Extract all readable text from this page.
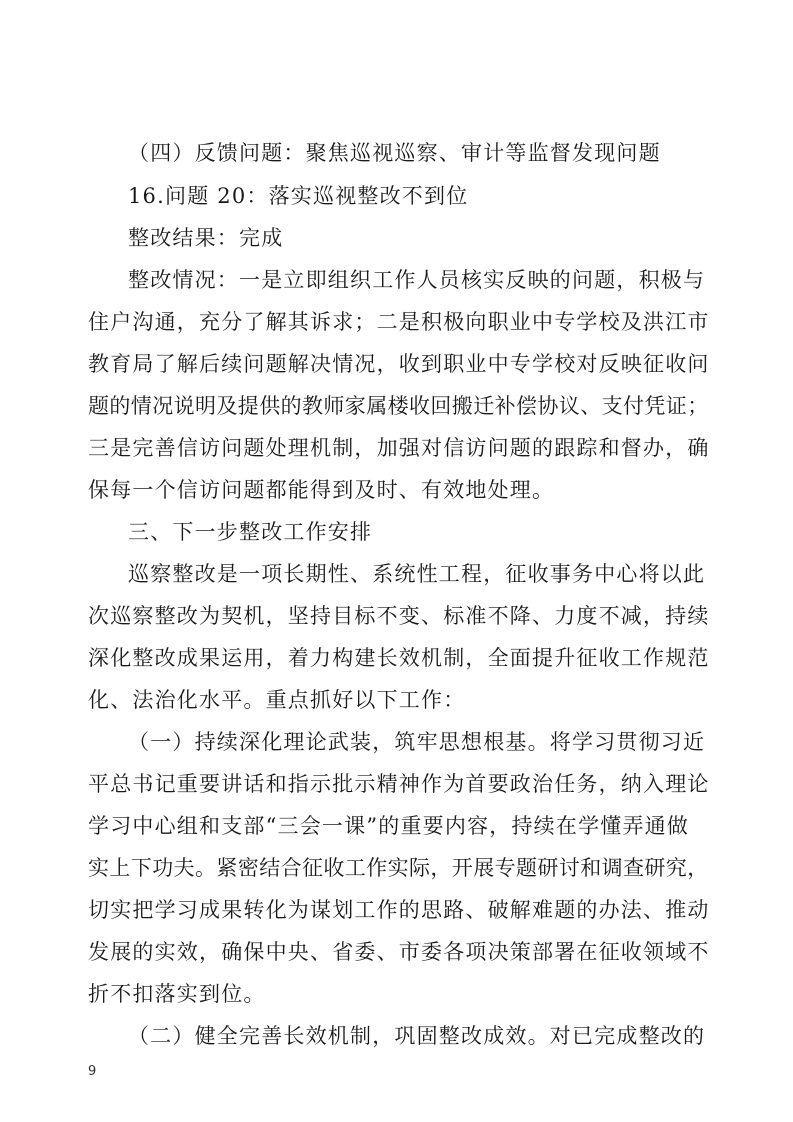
（四）反馈问题：聚焦巡视巡察、审计等监督发现问题
16.问题 20：落实巡视整改不到位
整改结果：完成
整改情况：一是立即组织工作人员核实反映的问题，积极与
住户沟通，充分了解其诉求；二是积极向职业中专学校及洪江市
教育局了解后续问题解决情况，收到职业中专学校对反映征收问
题的情况说明及提供的教师家属楼收回搬迁补偿协议、支付凭证；
三是完善信访问题处理机制，加强对信访问题的跟踪和督办，确
保每一个信访问题都能得到及时、有效地处理。
三、下一步整改工作安排
巡察整改是一项长期性、系统性工程，征收事务中心将以此
次巡察整改为契机，坚持目标不变、标准不降、力度不减，持续
深化整改成果运用，着力构建长效机制，全面提升征收工作规范
化、法治化水平。重点抓好以下工作：
（一）持续深化理论武装，筑牢思想根基。将学习贯彻习近
平总书记重要讲话和指示批示精神作为首要政治任务，纳入理论
学习中心组和支部“三会一课”的重要内容，持续在学懂弄通做
实上下功夫。紧密结合征收工作实际，开展专题研讨和调查研究，
切实把学习成果转化为谋划工作的思路、破解难题的办法、推动
发展的实效，确保中央、省委、市委各项决策部署在征收领域不
折不扣落实到位。
（二）健全完善长效机制，巩固整改成效。对已完成整改的
9
